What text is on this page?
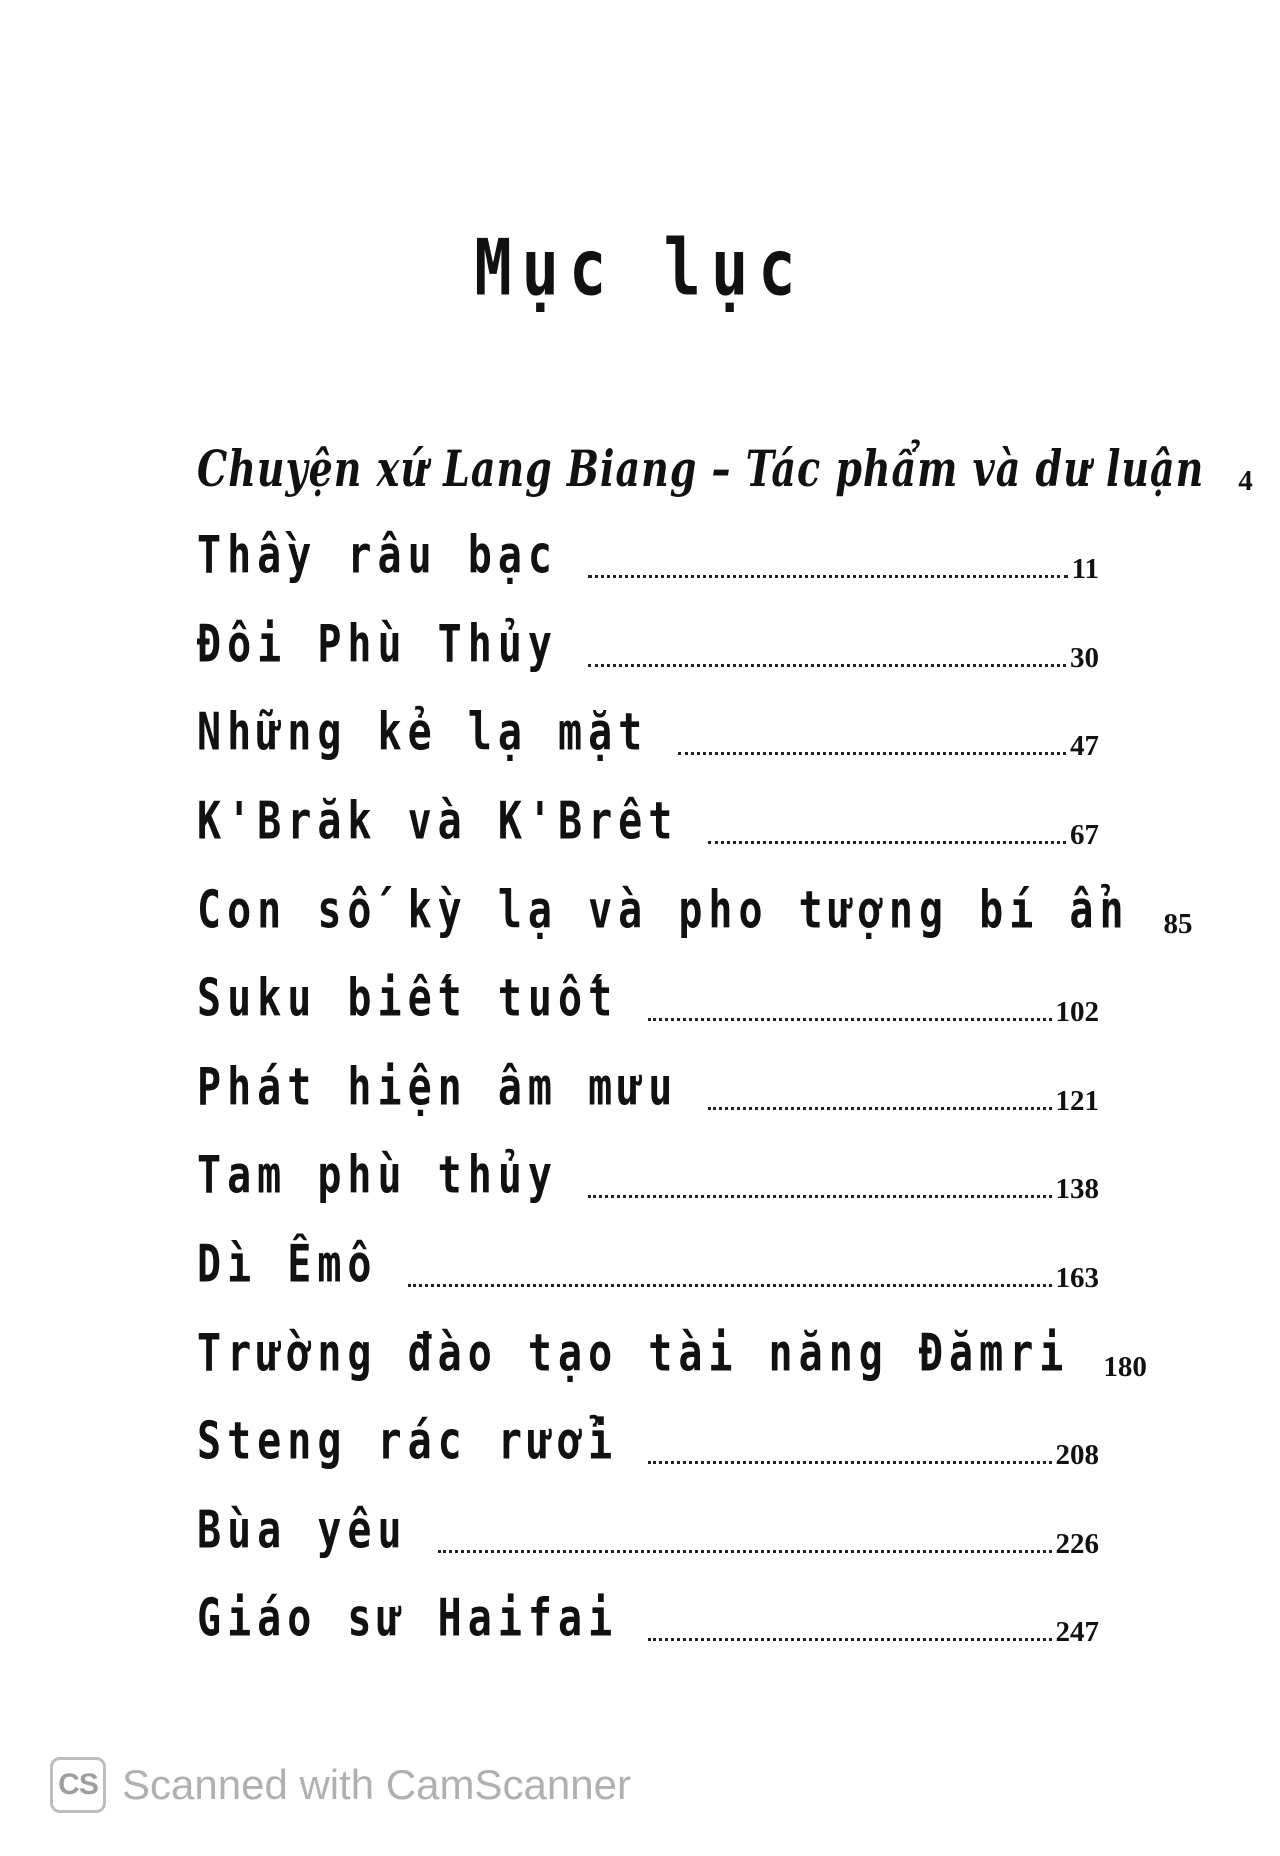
Mục lục
Chuyện xứ Lang Biang – Tác phẩm và dư luận 4
Thầy râu bạc	11
Đôi Phù Thủy	30
Những kẻ lạ mặt	47
K'Brăk và K'Brêt	67
Con số kỳ lạ và pho tượng bí ẩn 85
Suku biết tuốt	102
Phát hiện âm mưu	121
Tam phù thủy	138
Dì Êmô	163
Trường đào tạo tài năng Đămri 180
Steng rác rưởi	208
Bùa yêu	226
Giáo sư Haifai	247
CS Scanned with CamScanner
